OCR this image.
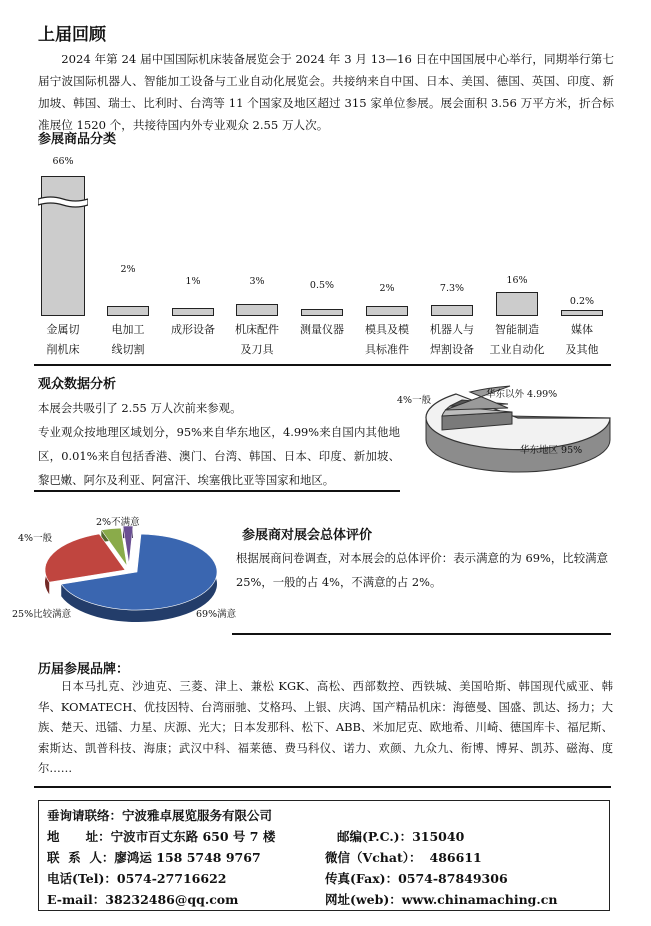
上届回顾
2024 年第 24 届中国国际机床装备展览会于 2024 年 3 月 13—16 日在中国国展中心举行，同期举行第七届宁波国际机器人、智能加工设备与工业自动化展览会。共接纳来自中国、日本、美国、德国、英国、印度、新加坡、韩国、瑞士、比利时、台湾等 11 个国家及地区超过 315 家单位参展。展会面积 3.56 万平方米，折合标准展位 1520 个，共接待国内外专业观众 2.55 万人次。
参展商品分类
66%
金属切
削机床
2%
电加工
线切割
1%
成形设备
3%
机床配件
及刀具
0.5%
测量仪器
2%
模具及模
具标准件
7.3%
机器人与
焊割设备
16%
智能制造
工业自动化
0.2%
媒体
及其他
观众数据分析
本展会共吸引了 2.55 万人次前来参观。
专业观众按地理区域划分，95%来自华东地区，4.99%来自国内其他地区，0.01%来自包括香港、澳门、台湾、韩国、日本、印度、新加坡、黎巴嫩、阿尔及利亚、阿富汗、埃塞俄比亚等国家和地区。
4%一般
华东以外 4.99%
华东地区 95%
2%不满意
4%一般
25%比较满意	69%满意
参展商对展会总体评价
根据展商问卷调查，对本展会的总体评价：表示满意的为 69%，比较满意 25%，一般的占 4%，不满意的占 2%。
历届参展品牌：
日本马扎克、沙迪克、三菱、津上、兼松 KGK、高松、西部数控、西铁城、美国哈斯、韩国现代威亚、韩华、KOMATECH、优技因特、台湾丽驰、艾格玛、上银、庆鸿、国产精品机床：海德曼、国盛、凯达、扬力；大族、楚天、迅镭、力星、庆源、光大；日本发那科、松下、ABB、米加尼克、欧地希、川崎、德国库卡、福尼斯、索斯达、凯普科技、海康；武汉中科、福莱德、费马科仪、诺力、欢颜、九众九、衔博、博昇、凯苏、磁海、度尔……
垂询请联络：宁波雅卓展览服务有限公司
地      址：宁波市百丈东路 650 号 7 楼	邮编(P.C.)：315040
联  系  人：廖鸿运 158 5748 9767	微信（Vchat）： 486611
电话(Tel)：0574-27716622	传真(Fax)：0574-87849306
E-mail：38232486@qq.com	网址(web)：www.chinamaching.cn
